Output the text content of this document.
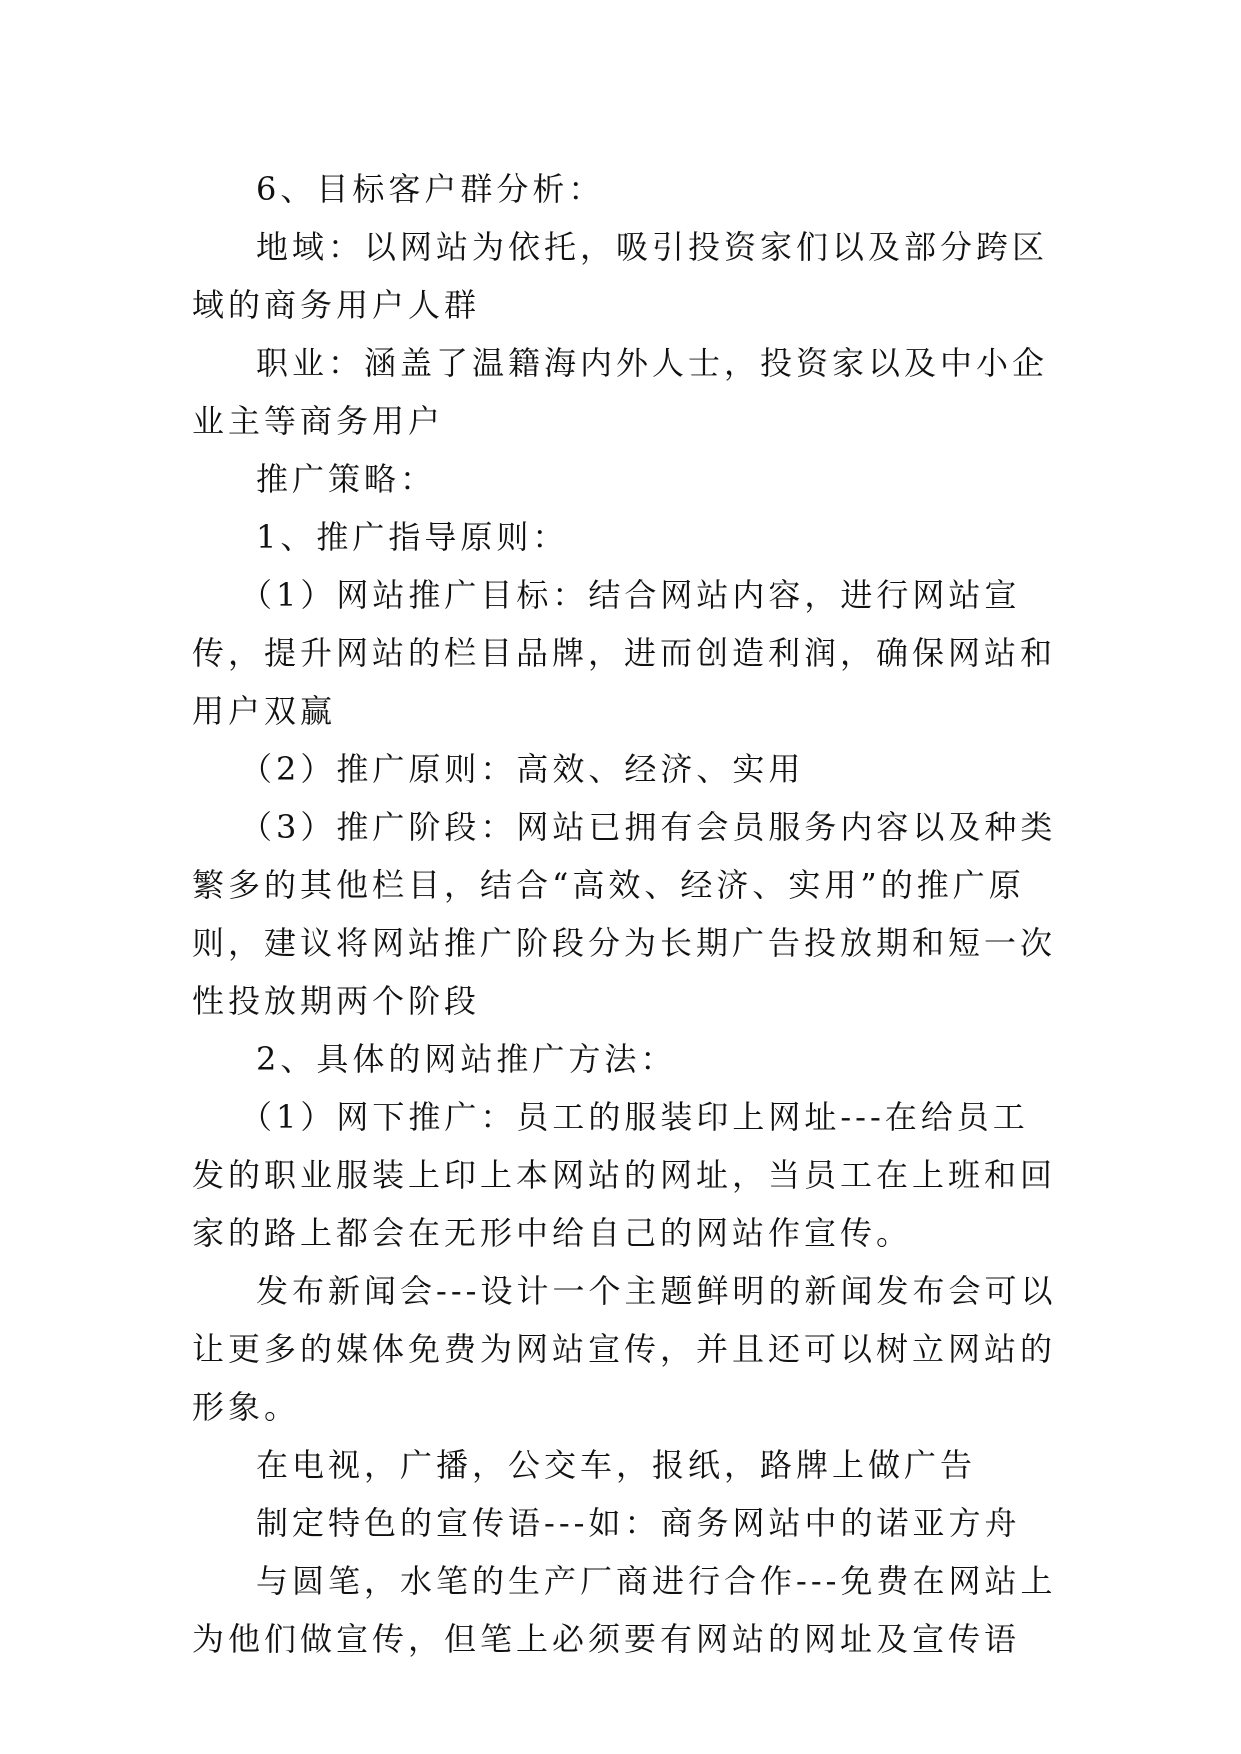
6、目标客户群分析：

地域：以网站为依托，吸引投资家们以及部分跨区域的商务用户人群

职业：涵盖了温籍海内外人士，投资家以及中小企业主等商务用户

推广策略：

1、推广指导原则：

（1）网站推广目标：结合网站内容，进行网站宣传，提升网站的栏目品牌，进而创造利润，确保网站和用户双赢

（2）推广原则：高效、经济、实用

（3）推广阶段：网站已拥有会员服务内容以及种类繁多的其他栏目，结合“高效、经济、实用”的推广原则，建议将网站推广阶段分为长期广告投放期和短一次性投放期两个阶段

2、具体的网站推广方法：

（1）网下推广：员工的服装印上网址---在给员工发的职业服装上印上本网站的网址，当员工在上班和回家的路上都会在无形中给自己的网站作宣传。

发布新闻会---设计一个主题鲜明的新闻发布会可以让更多的媒体免费为网站宣传，并且还可以树立网站的形象。

在电视，广播，公交车，报纸，路牌上做广告

制定特色的宣传语---如：商务网站中的诺亚方舟

与圆笔，水笔的生产厂商进行合作---免费在网站上为他们做宣传，但笔上必须要有网站的网址及宣传语
